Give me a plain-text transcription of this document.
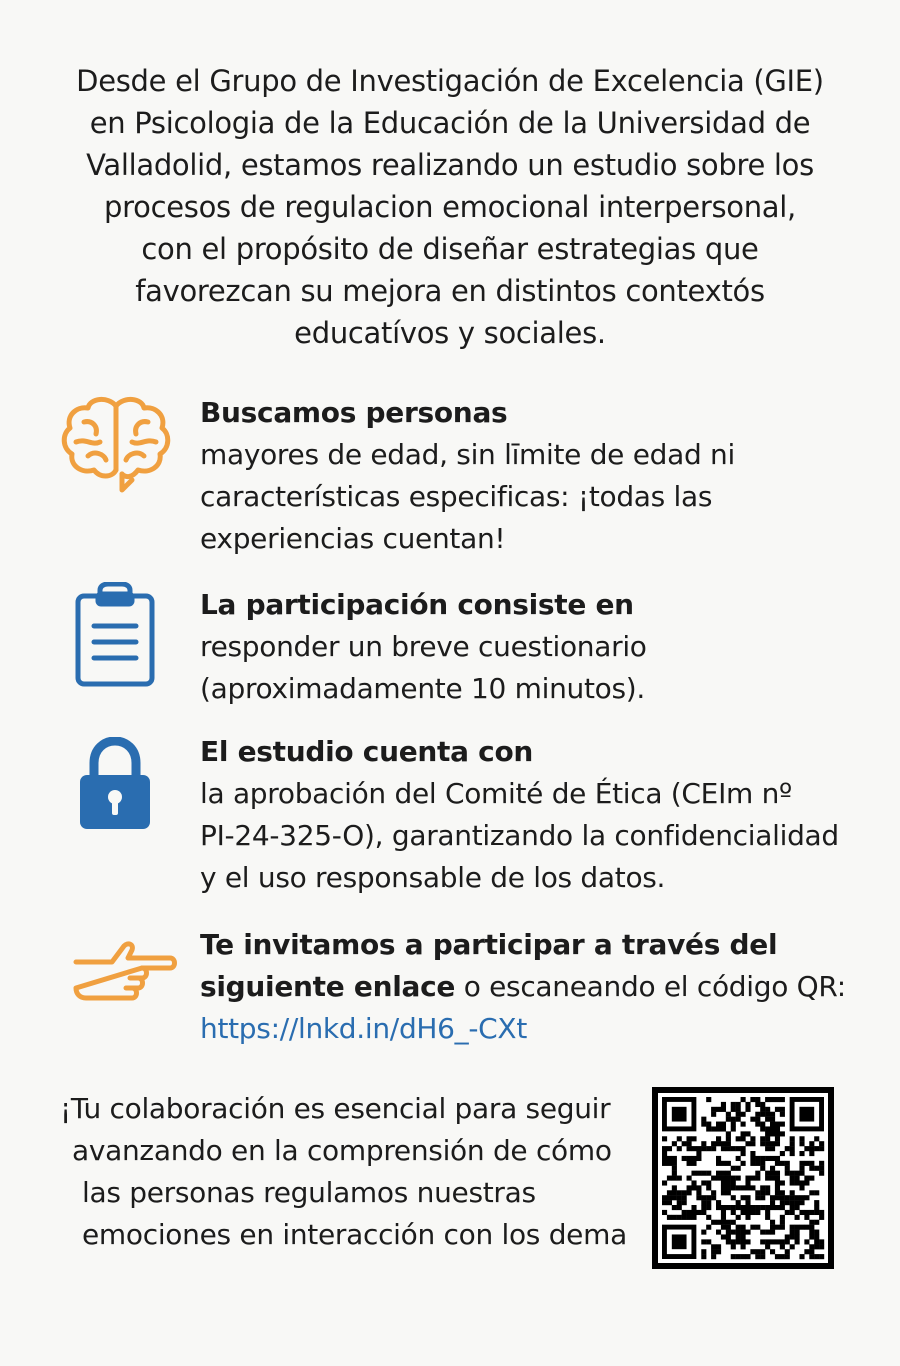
Desde el Grupo de Investigación de Excelencia (GIE)
en Psicologia de la Educación de la Universidad de
Valladolid, estamos realizando un estudio sobre los
procesos de regulacion emocional interpersonal,
con el propósito de diseñar estrategias que
favorezcan su mejora en distintos contextós
educatívos y sociales.
Buscamos personas
mayores de edad, sin līmite de edad ni
características especificas: ¡todas las
experiencias cuentan!
La participación consiste en
responder un breve cuestionario
(aproximadamente 10 minutos).
El estudio cuenta con
la aprobación del Comité de Ética (CEIm nº
PI-24-325-O), garantizando la confidencialidad
y el uso responsable de los datos.
Te invitamos a participar a través del
siguiente enlace o escaneando el código QR:
https://lnkd.in/dH6_-CXt
¡Tu colaboración es esencial para seguir
avanzando en la comprensión de cómo
las personas regulamos nuestras
emociones en interacción con los dema
